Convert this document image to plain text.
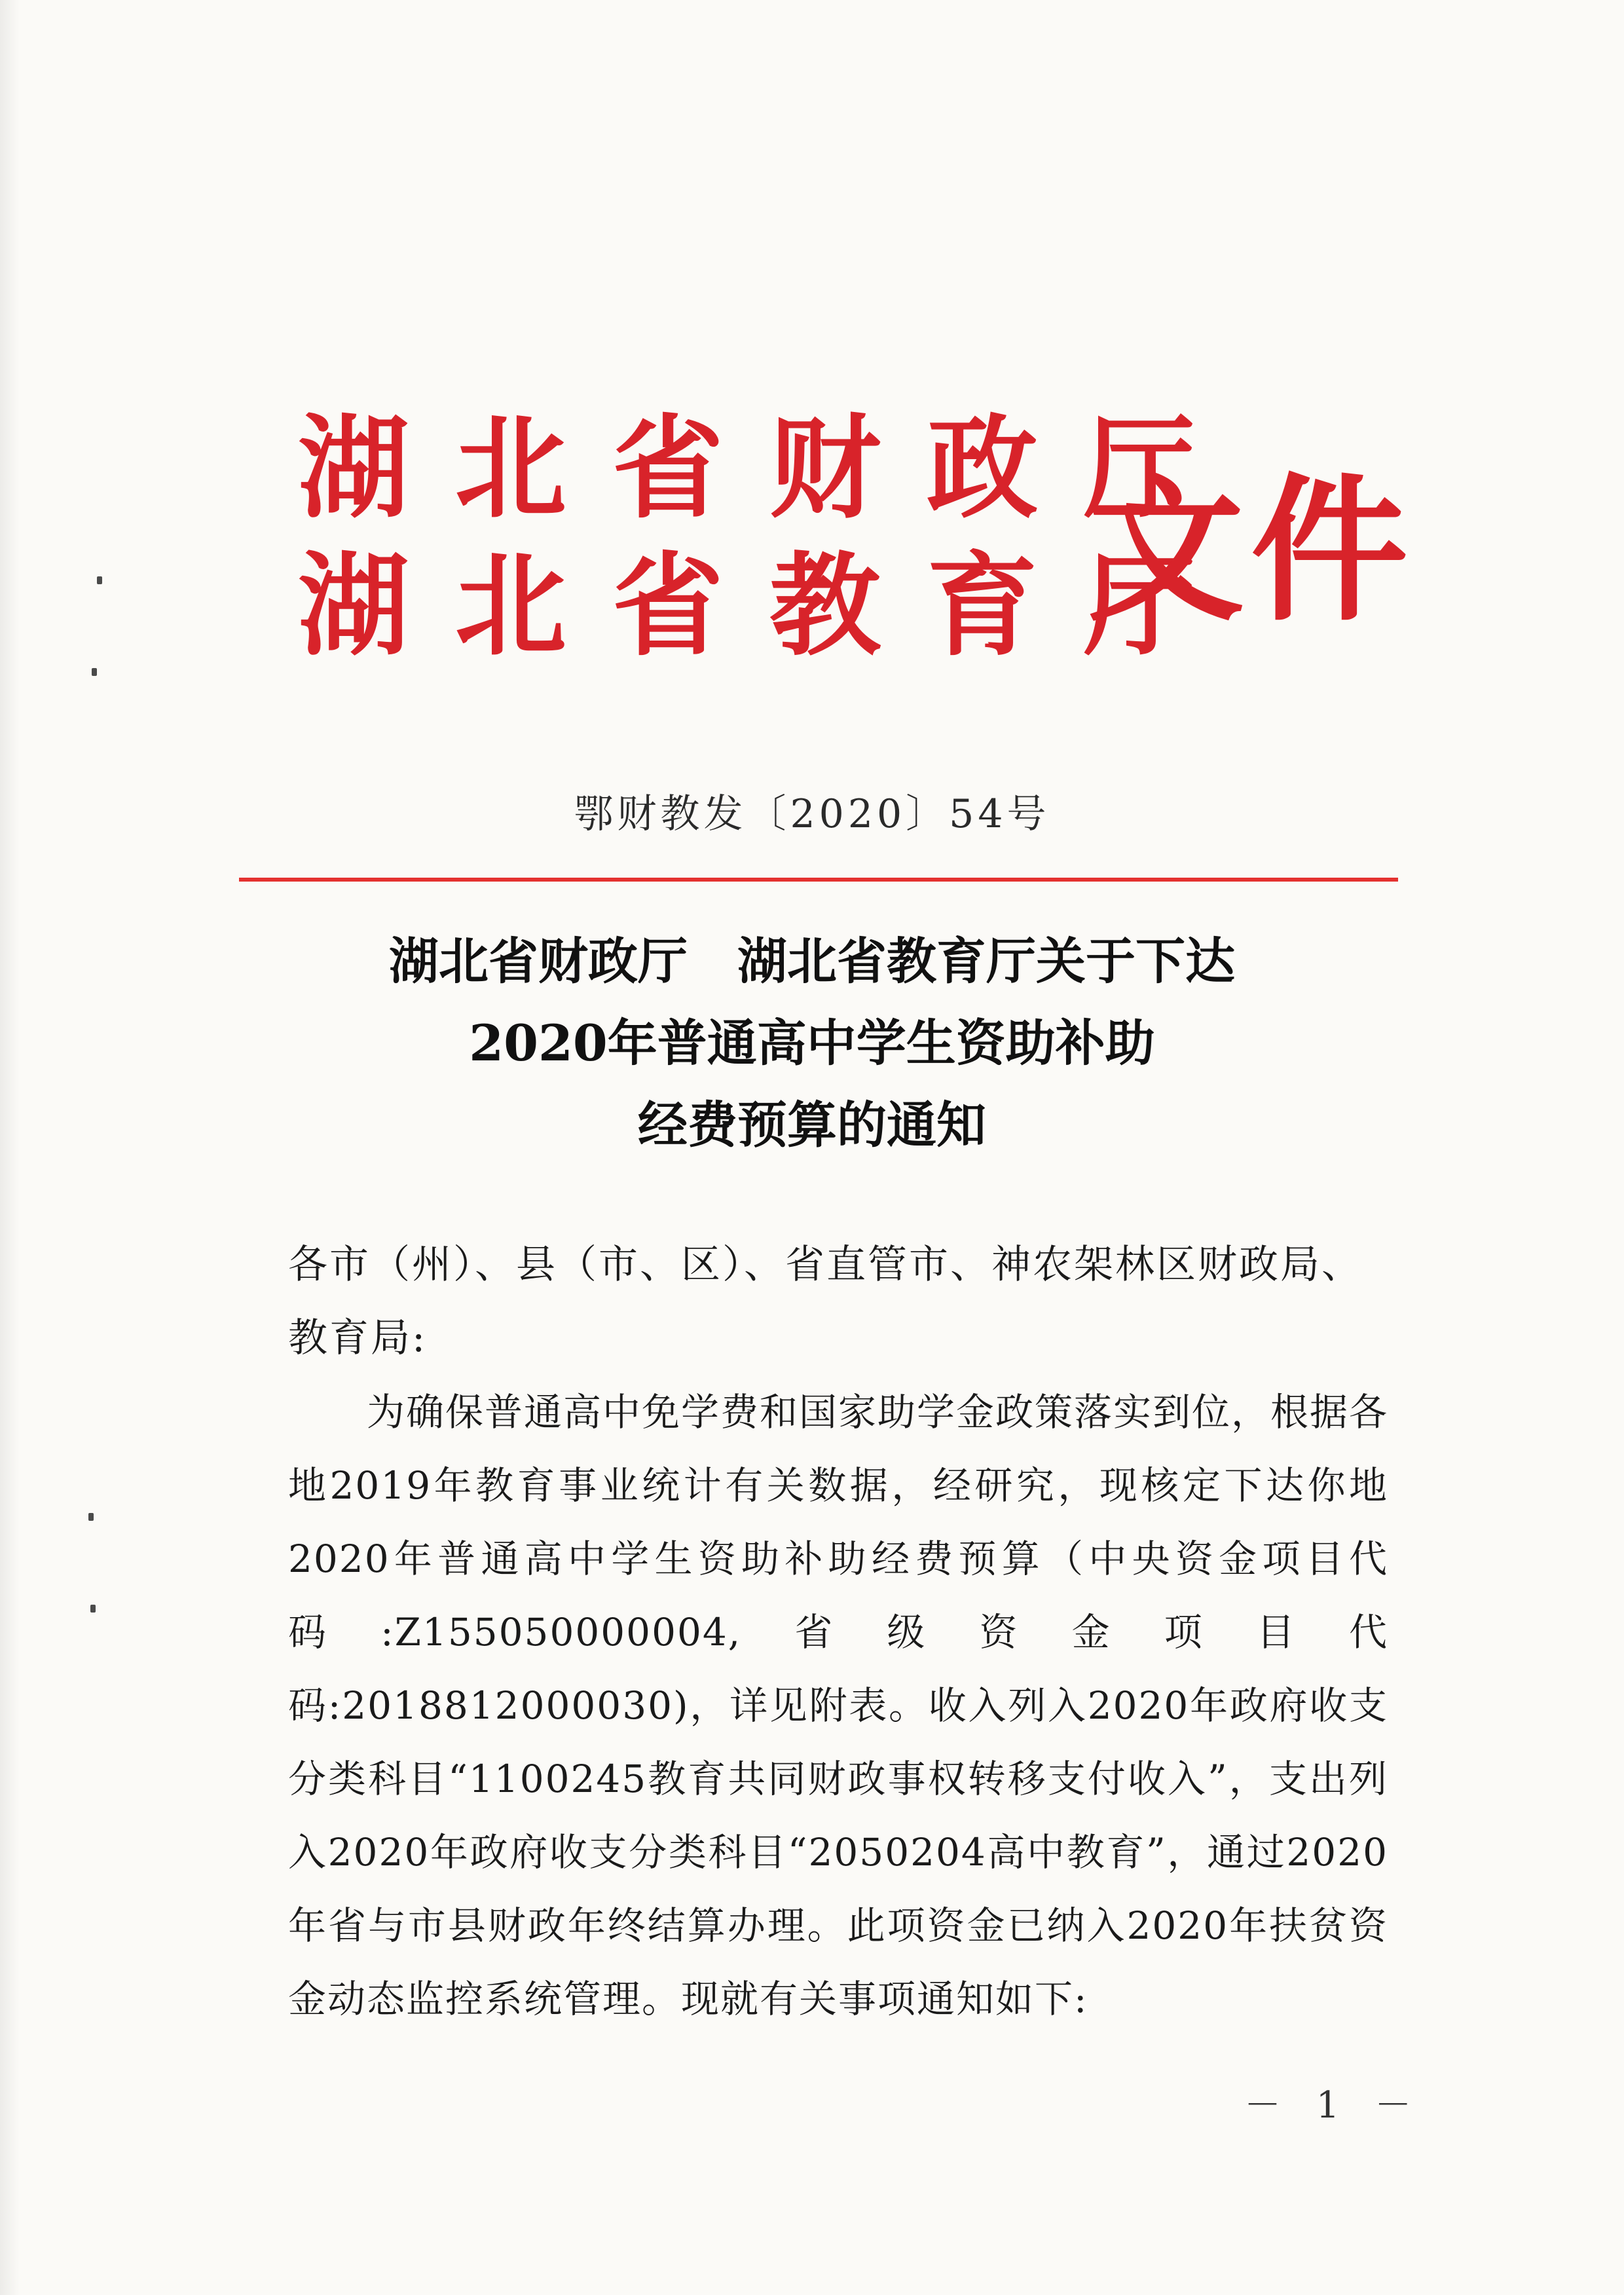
湖北省财政厅
湖北省教育厅
文件
鄂财教发〔2020〕54号
湖北省财政厅　湖北省教育厅关于下达
2020年普通高中学生资助补助
经费预算的通知
各市（州）、县（市、区）、省直管市、神农架林区财政局、教育局:
为确保普通高中免学费和国家助学金政策落实到位，根据各地2019年教育事业统计有关数据，经研究，现核定下达你地2020年普通高中学生资助补助经费预算（中央资金项目代码:Z155050000004,省级资金项目代码:2018812000030)，详见附表。收入列入2020年政府收支分类科目“1100245教育共同财政事权转移支付收入”，支出列入2020年政府收支分类科目“2050204高中教育”，通过2020年省与市县财政年终结算办理。此项资金已纳入2020年扶贫资金动态监控系统管理。现就有关事项通知如下:
－ 1 －
